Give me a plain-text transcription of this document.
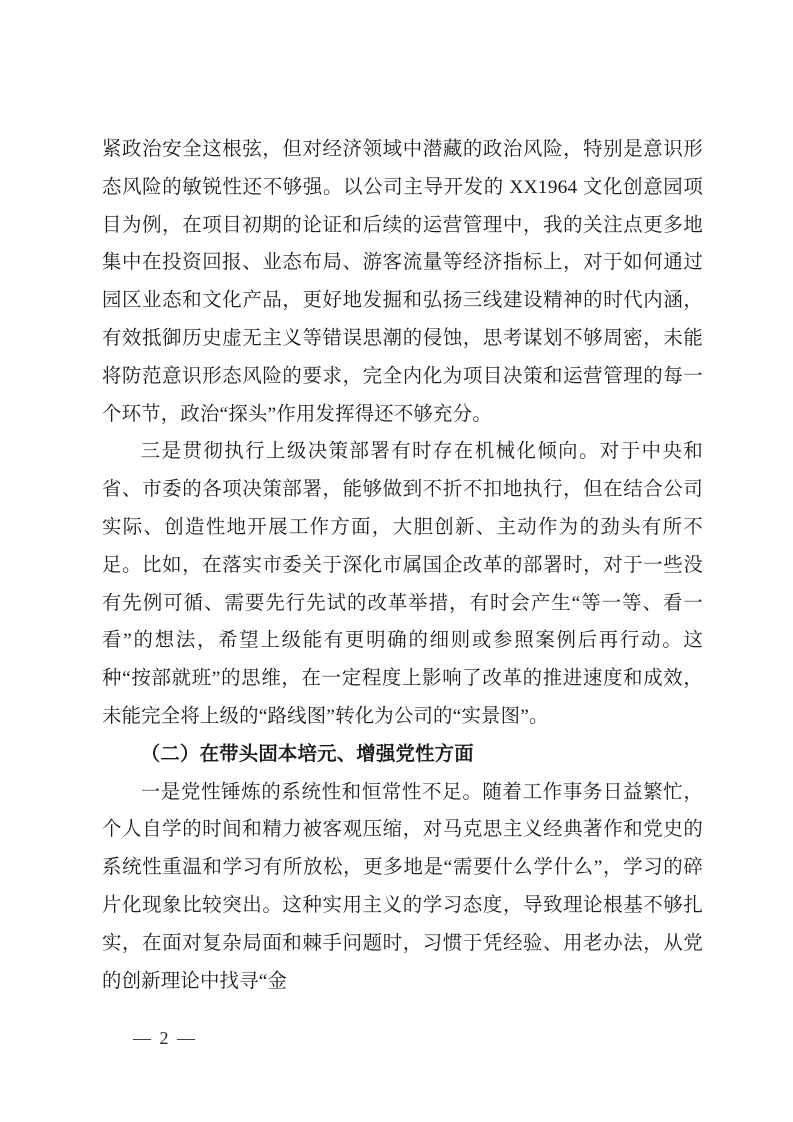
紧政治安全这根弦，但对经济领域中潜藏的政治风险，特别是意识形态风险的敏锐性还不够强。以公司主导开发的 XX1964 文化创意园项目为例，在项目初期的论证和后续的运营管理中，我的关注点更多地集中在投资回报、业态布局、游客流量等经济指标上，对于如何通过园区业态和文化产品，更好地发掘和弘扬三线建设精神的时代内涵，有效抵御历史虚无主义等错误思潮的侵蚀，思考谋划不够周密，未能将防范意识形态风险的要求，完全内化为项目决策和运营管理的每一个环节，政治“探头”作用发挥得还不够充分。

三是贯彻执行上级决策部署有时存在机械化倾向。对于中央和省、市委的各项决策部署，能够做到不折不扣地执行，但在结合公司实际、创造性地开展工作方面，大胆创新、主动作为的劲头有所不足。比如，在落实市委关于深化市属国企改革的部署时，对于一些没有先例可循、需要先行先试的改革举措，有时会产生“等一等、看一看”的想法，希望上级能有更明确的细则或参照案例后再行动。这种“按部就班”的思维，在一定程度上影响了改革的推进速度和成效，未能完全将上级的“路线图”转化为公司的“实景图”。

（二）在带头固本培元、增强党性方面

一是党性锤炼的系统性和恒常性不足。随着工作事务日益繁忙，个人自学的时间和精力被客观压缩，对马克思主义经典著作和党史的系统性重温和学习有所放松，更多地是“需要什么学什么”，学习的碎片化现象比较突出。这种实用主义的学习态度，导致理论根基不够扎实，在面对复杂局面和棘手问题时，习惯于凭经验、用老办法，从党的创新理论中找寻“金

— 2 —
